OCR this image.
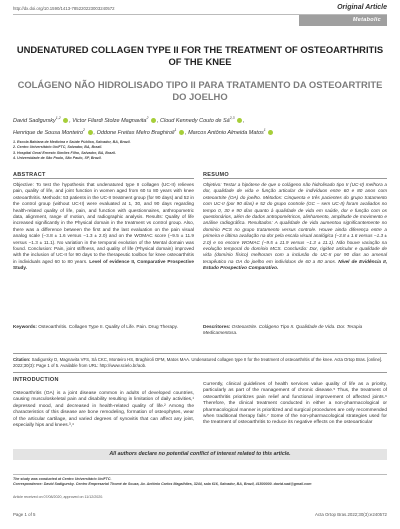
http://dx.doi.org/10.1590/1413-785220223003240572	Original Article
Metabolic
UNDENATURED COLLAGEN TYPE II FOR THE TREATMENT OF OSTEOARTHRITIS OF THE KNEE
COLÁGENO NÃO HIDROLISADO TIPO II PARA TRATAMENTO DA OSTEOARTRITE DO JOELHO
David Sadigursky$^{1,2}$ , Victor Filardi Stolze Magnavita$^2$ , Cloud Kennedy Couto de Sá$^{2,3}$ ,
Henrique de Sousa Monteiro$^2$ , Oddone Freitas Melro Braghiroli$^1$ , Marcos Antônio Almeida Matos$^1$
1. Escola Bahiana de Medicina e Saúde Pública, Salvador, BA, Brazil.
2. Centro Universitário UniFTC, Salvador, BA, Brazil.
3. Hospital Geral Ernesto Simões Filho, Salvador, BA, Brazil.
4. Universidade de São Paulo, São Paulo, SP, Brazil.
ABSTRACT	RESUMO
Objective: To test the hypothesis that undenatured type II collagen (UC-II) relieves pain, quality of life, and joint function in women aged from 60 to 80 years with knee osteoarthritis. Methods: 53 patients in the UC-II treatment group (for 90 days) and 52 in the control group (without UC-II) were evaluated at 1, 30, and 90 days regarding health-related quality of life, pain, and function with questionnaires, anthropometric data, alignment, range of motion, and radiographic analysis. Results: Quality of life increased significantly in the Physical domain in the treatment vs control group. Also, there was a difference between the first and the last evaluation on the pain visual analog scale (−3.8 ± 1.6 versus −1.3 ± 2.0) and on the WOMAC score (−9.5 ± 11.9 versus −1.3 ± 11.1). No variation in the temporal evolution of the Mental domain was found. Conclusion: Pain, joint stiffness, and quality of life (Physical domain) improved with the inclusion of UC-II for 90 days to the therapeutic toolbox for knee osteoarthritis in individuals aged 60 to 80 years. Level of evidence II, Comparative Prospective Study.
Objetivo: Testar a hipótese de que o colágeno não hidrolisado tipo II (UC-II) melhora a dor, qualidade de vida e função articular de indivíduos entre 60 e 80 anos com osteoartrite (OA) do joelho. Métodos: Cinquenta e três pacientes do grupo tratamento com UC-II (por 90 dias) e 52 do grupo controle (GC – sem UC-II) foram avaliados no tempo 0, 30 e 90 dias quanto à qualidade de vida em saúde, dor e função com os questionários, além de dados antropométricos, alinhamento, amplitude de movimento e análise radiográfica. Resultados: A qualidade de vida aumentou significantemente no domínio PCS no grupo tratamento versus controle. Houve ainda diferença entre a primeira e última avaliação na dor pela escala visual analógica (−3.8 ± 1.6 versus −1.3 ± 2.0) e no escore WOMAC (−9.5 ± 11.9 versus −1.3 ± 11.1). Não houve variação na evolução temporal do domínio MCS. Conclusão: Dor, rigidez articular e qualidade de vida (domínio físico) melhoram com a inclusão do UC-II por 90 dias ao arsenal terapêutico na OA do joelho em indivíduos de 60 a 80 anos. Nível de Evidência II, Estudo Prospectivo Comparativo.
Keywords: Osteoarthritis. Collagen Type II. Quality of Life. Pain. Drug Therapy.	Descritores: Osteoartrite. Colágeno Tipo II. Qualidade de Vida. Dor. Terapia Medicamentosa.
Citation: Sadigursky D, Magnavita VFS, Sá CKC, Monteiro HS, Braghiroli OFM, Matos MAA. Undenatured collagen type II for the treatment of osteoarthritis of the knee. Acta Ortop Bras. [online]. 2022;30(3): Page 1 of 5. Available from URL: http://www.scielo.br/aob.
INTRODUCTION
Osteoarthritis (OA) is a joint disease common in adults of developed countries, causing musculoskeletal pain and disability resulting in limitation of daily activities,¹ depressed mood, and decreased in health-related quality of life.² Among the characteristics of this disease are bone remodeling, formation of osteophytes, wear of the articular cartilage, and varied degrees of synovitis that can affect any joint, especially hips and knees.³,⁴
Currently, clinical guidelines of health services value quality of life as a priority, particularly as part of the management of chronic disease.⁵ Thus, the treatment of osteoarthritis prioritizes pain relief and functional improvement of affected joints.⁶ Therefore, the clinical treatment conducted in either a non-pharmacological or pharmacological manner is prioritized and surgical procedures are only recommended when traditional therapy fails.⁷ Some of the non-pharmacological strategies used for the treatment of osteoarthritis to reduce its negative effects on the osteoarticular
All authors declare no potential conflict of interest related to this article.
The study was conducted at Centro Universitário UniFTC.
Correspondence: David Sadigursky. Centro Empresarial Thomé de Souza, Av. Antônio Carlos Magalhães, 3244, sala 616, Salvador, BA, Brazil, 41800000. david.sad@gmail.com
Article received on 07/08/2020, approved on 11/12/2020.
Page 1 of 5	Acta Ortop Bras.2022;30(3):e240572
